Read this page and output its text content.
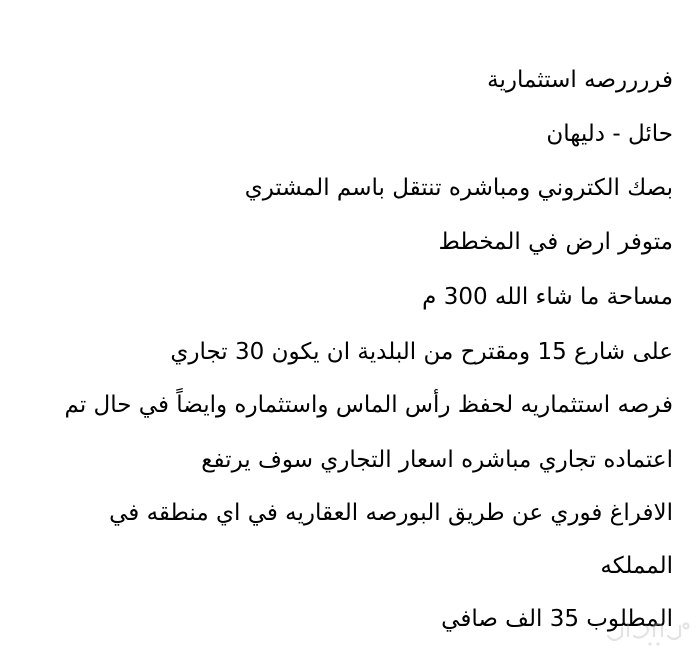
فررررصه استثمارية
حائل - دليهان
بصك الكتروني ومباشره تنتقل باسم المشتري
متوفر ارض في المخطط
مساحة ما شاء الله 300 م
على شارع 15 ومقترح من البلدية ان يكون 30 تجاري
فرصه استثماريه لحفظ رأس الماس واستثماره وايضاً في حال تم
اعتماده تجاري مباشره اسعار التجاري سوف يرتفع
الافراغ فوري عن طريق البورصه العقاريه في اي منطقه في
المملكه
المطلوب 35 الف صافي
